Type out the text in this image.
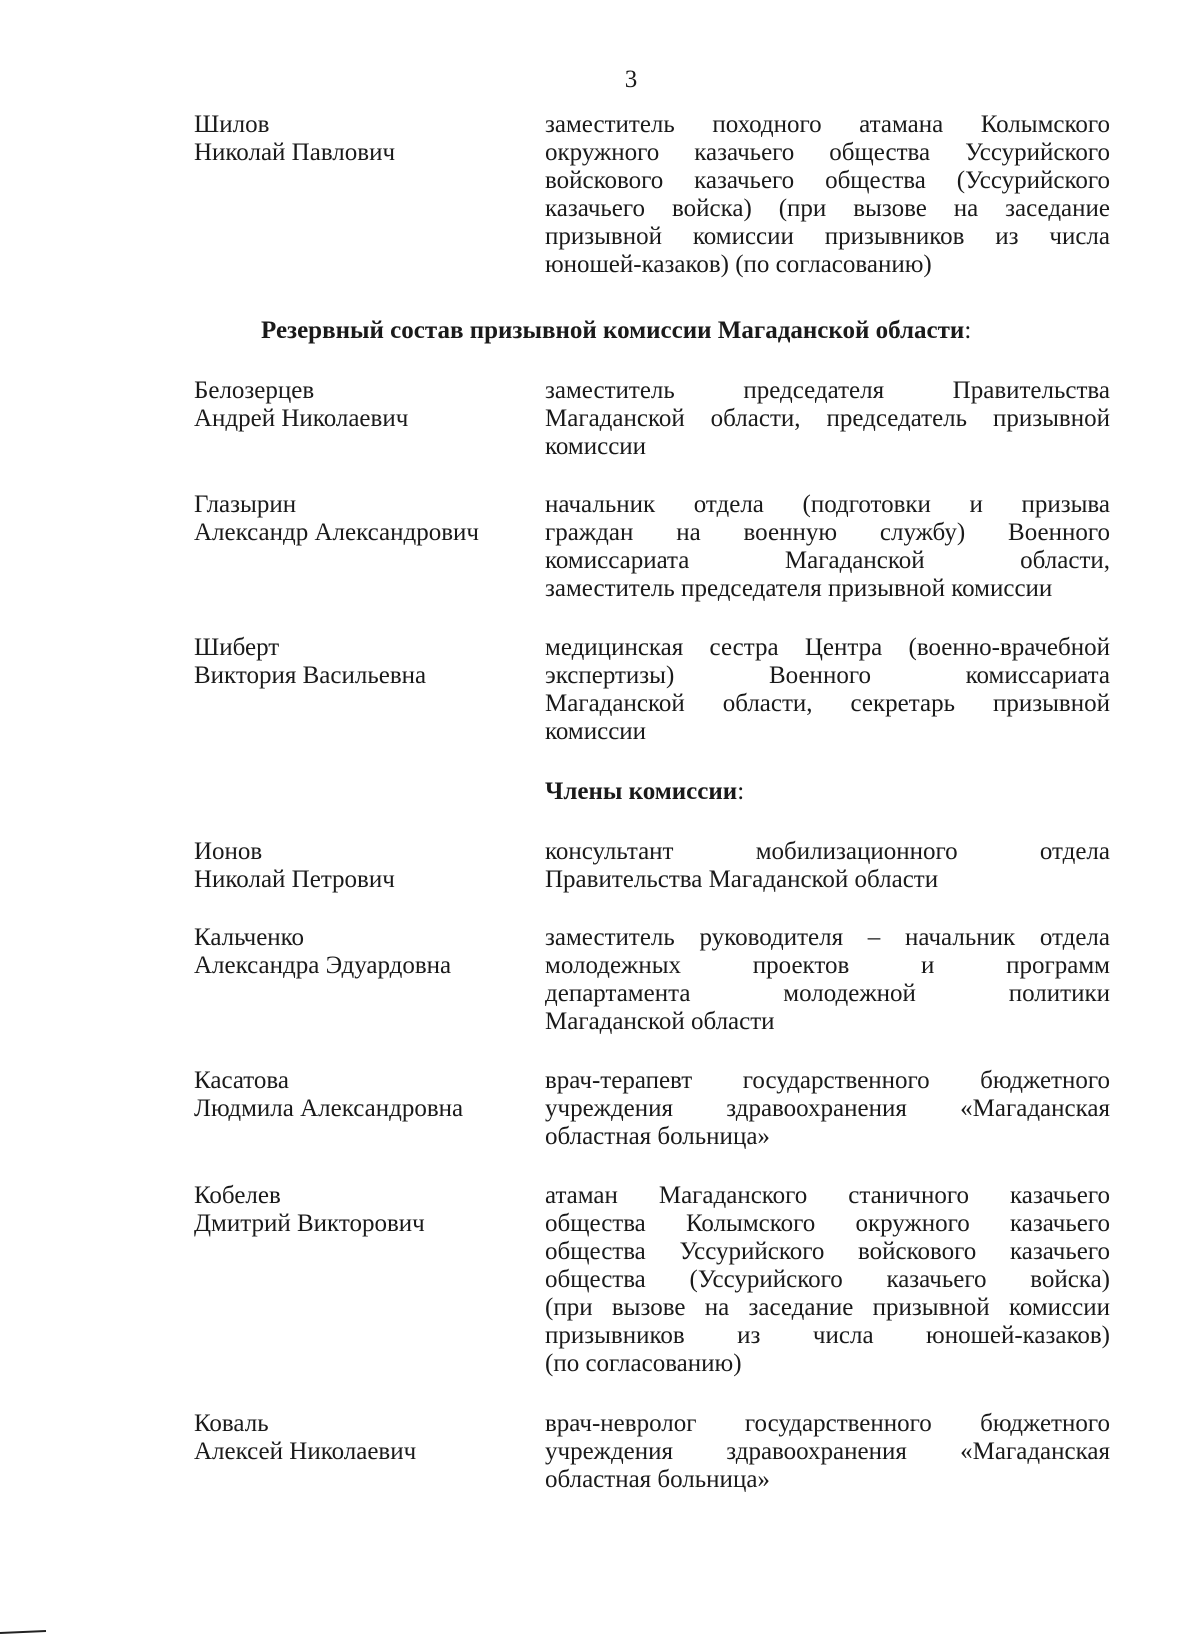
3
Шилов
Николай Павлович
заместитель походного атамана Колымского
окружного казачьего общества Уссурийского
войскового казачьего общества (Уссурийского
казачьего войска) (при вызове на заседание
призывной комиссии призывников из числа
юношей-казаков) (по согласованию)
Резервный состав призывной комиссии Магаданской области:
Белозерцев
Андрей Николаевич
заместитель председателя Правительства
Магаданской области, председатель призывной
комиссии
Глазырин
Александр Александрович
начальник отдела (подготовки и призыва
граждан на военную службу) Военного
комиссариата Магаданской области,
заместитель председателя призывной комиссии
Шиберт
Виктория Васильевна
медицинская сестра Центра (военно-врачебной
экспертизы) Военного комиссариата
Магаданской области, секретарь призывной
комиссии
Члены комиссии:
Ионов
Николай Петрович
консультант мобилизационного отдела
Правительства Магаданской области
Кальченко
Александра Эдуардовна
заместитель руководителя – начальник отдела
молодежных проектов и программ
департамента молодежной политики
Магаданской области
Касатова
Людмила Александровна
врач-терапевт государственного бюджетного
учреждения здравоохранения «Магаданская
областная больница»
Кобелев
Дмитрий Викторович
атаман Магаданского станичного казачьего
общества Колымского окружного казачьего
общества Уссурийского войскового казачьего
общества (Уссурийского казачьего войска)
(при вызове на заседание призывной комиссии
призывников из числа юношей-казаков)
(по согласованию)
Коваль
Алексей Николаевич
врач-невролог государственного бюджетного
учреждения здравоохранения «Магаданская
областная больница»
